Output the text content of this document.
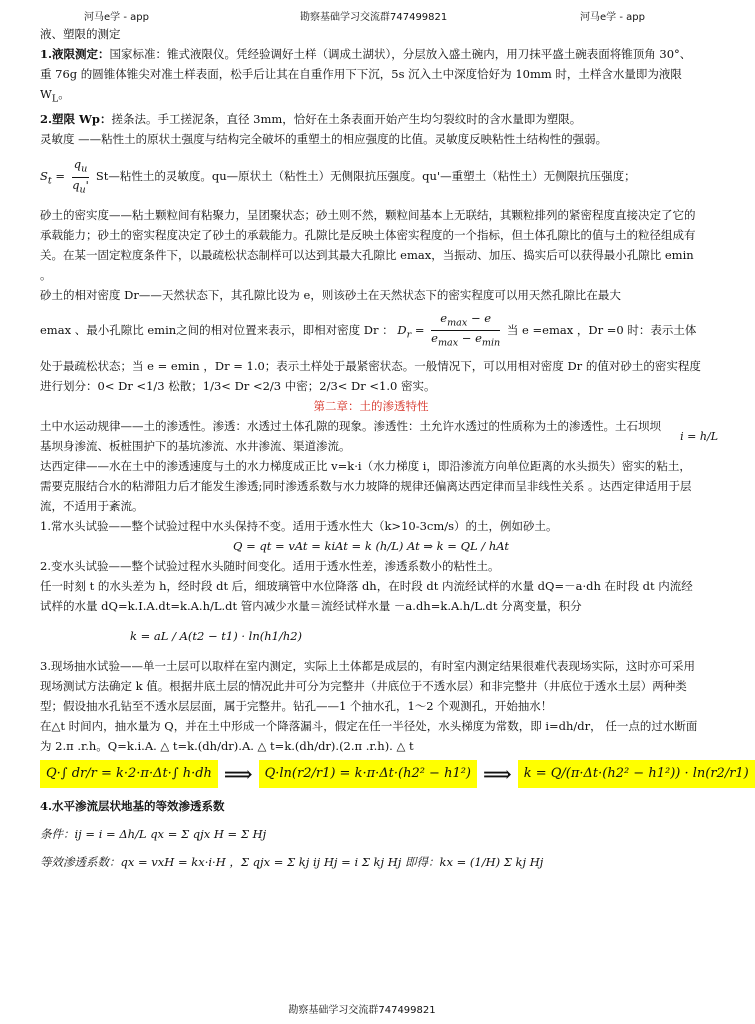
河马e学 - app	勘察基础学习交流群747499821	河马e学 - app

液、塑限的测定

1.液限测定：国家标准：锥式液限仪。凭经验调好土样（调成土湖状），分层放入盛土碗内，用刀抹平盛土碗表面将锥顶角 30°、重 76g 的圆锥体锥尖对准土样表面，松手后让其在自重作用下下沉，5s 沉入土中深度恰好为 10mm 时，土样含水量即为液限 $W_L$。

2.塑限 Wp：搓条法。手工搓泥条，直径 3mm，恰好在土条表面开始产生均匀裂纹时的含水量即为塑限。

灵敏度 ——粘性土的原状土强度与结构完全破坏的重塑土的相应强度的比值。灵敏度反映粘性土结构性的强弱。

$S_t = \frac{q_u}{q_u'}$ St—粘性土的灵敏度。qu—原状土（粘性土）无侧限抗压强度。qu'—重塑土（粘性土）无侧限抗压强度；

砂土的密实度——粘土颗粒间有粘聚力，呈团聚状态；砂土则不然，颗粒间基本上无联结，其颗粒排列的紧密程度直接决定了它的承载能力；砂土的密实程度决定了砂土的承载能力。孔隙比是反映土体密实程度的一个指标，但土体孔隙比的值与土的粒径组成有关。在某一固定粒度条件下，以最疏松状态制样可以达到其最大孔隙比 emax，当振动、加压、捣实后可以获得最小孔隙比 emin 。

砂土的相对密度 Dr——天然状态下，其孔隙比设为 e，则该砂土在天然状态下的密实程度可以用天然孔隙比在最大

emax 、最小孔隙比 emin之间的相对位置来表示，即相对密度 Dr ： $D_r = \frac{e_{max} - e}{e_{max} - e_{min}}$ 当 e =emax ，Dr =0 时：表示土体

处于最疏松状态；当 e = emin ，Dr = 1.0；表示土样处于最紧密状态。一般情况下，可以用相对密度 Dr 的值对砂土的密实程度进行划分：0< Dr <1/3 松散；1/3< Dr <2/3 中密；2/3< Dr <1.0 密实。

第二章：土的渗透特性

土中水运动规律——土的渗透性。渗透：水透过土体孔隙的现象。渗透性：土允许水透过的性质称为土的渗透性。土石坝坝基坝身渗流、板桩围护下的基坑渗流、水井渗流、渠道渗流。

达西定律——水在土中的渗透速度与土的水力梯度成正比 v=k·i（水力梯度 i，即沿渗流方向单位距离的水头损失）密实的粘土，需要克服结合水的粘滞阻力后才能发生渗透;同时渗透系数与水力坡降的规律还偏离达西定律而呈非线性关系 。达西定律适用于层流，不适用于紊流。

1.常水头试验——整个试验过程中水头保持不变。适用于透水性大（k>10-3cm/s）的土，例如砂土。

Q = qt = vAt = kiAt = k (h/L) At ⇒ k = QL / hAt

2.变水头试验——整个试验过程水头随时间变化。适用于透水性差，渗透系数小的粘性土。

任一时刻 t 的水头差为 h，经时段 dt 后，细玻璃管中水位降落 dh，在时段 dt 内流经试样的水量 dQ=－a·dh 在时段 dt 内流经试样的水量 dQ=k.I.A.dt=k.A.h/L.dt 管内减少水量＝流经试样水量 －a.dh=k.A.h/L.dt 分离变量，积分

k = aL / A(t2 − t1) · ln(h1/h2)

3.现场抽水试验——单一土层可以取样在室内测定，实际上土体都是成层的，有时室内测定结果很难代表现场实际，这时亦可采用现场测试方法确定 k 值。根据井底土层的情况此井可分为完整井（井底位于不透水层）和非完整井（井底位于透水土层）两种类型；假设抽水孔钻至不透水层层面，属于完整井。钻孔——1 个抽水孔，1～2 个观测孔，开始抽水！

在△t 时间内，抽水量为 Q，并在土中形成一个降落漏斗，假定在任一半径处，水头梯度为常数，即 i=dh/dr， 任一点的过水断面为 2.π .r.h。Q=k.i.A. △ t=k.(dh/dr).A. △ t=k.(dh/dr).(2.π .r.h). △ t

Q·∫ dr/r = k·2·π·Δt·∫ h·dh ⟹ Q·ln(r2/r1) = k·π·Δt·(h2² − h1²) ⟹ k = Q/(π·Δt·(h2² − h1²)) · ln(r2/r1)

4.水平渗流层状地基的等效渗透系数

条件：ij = i = Δh/L qx = Σ qjx H = Σ Hj

等效渗透系数：qx = vxH = kx·i·H ，Σ qjx = Σ kj ij Hj = i Σ kj Hj 即得：kx = (1/H) Σ kj Hj

i = h/L
勘察基础学习交流群747499821
